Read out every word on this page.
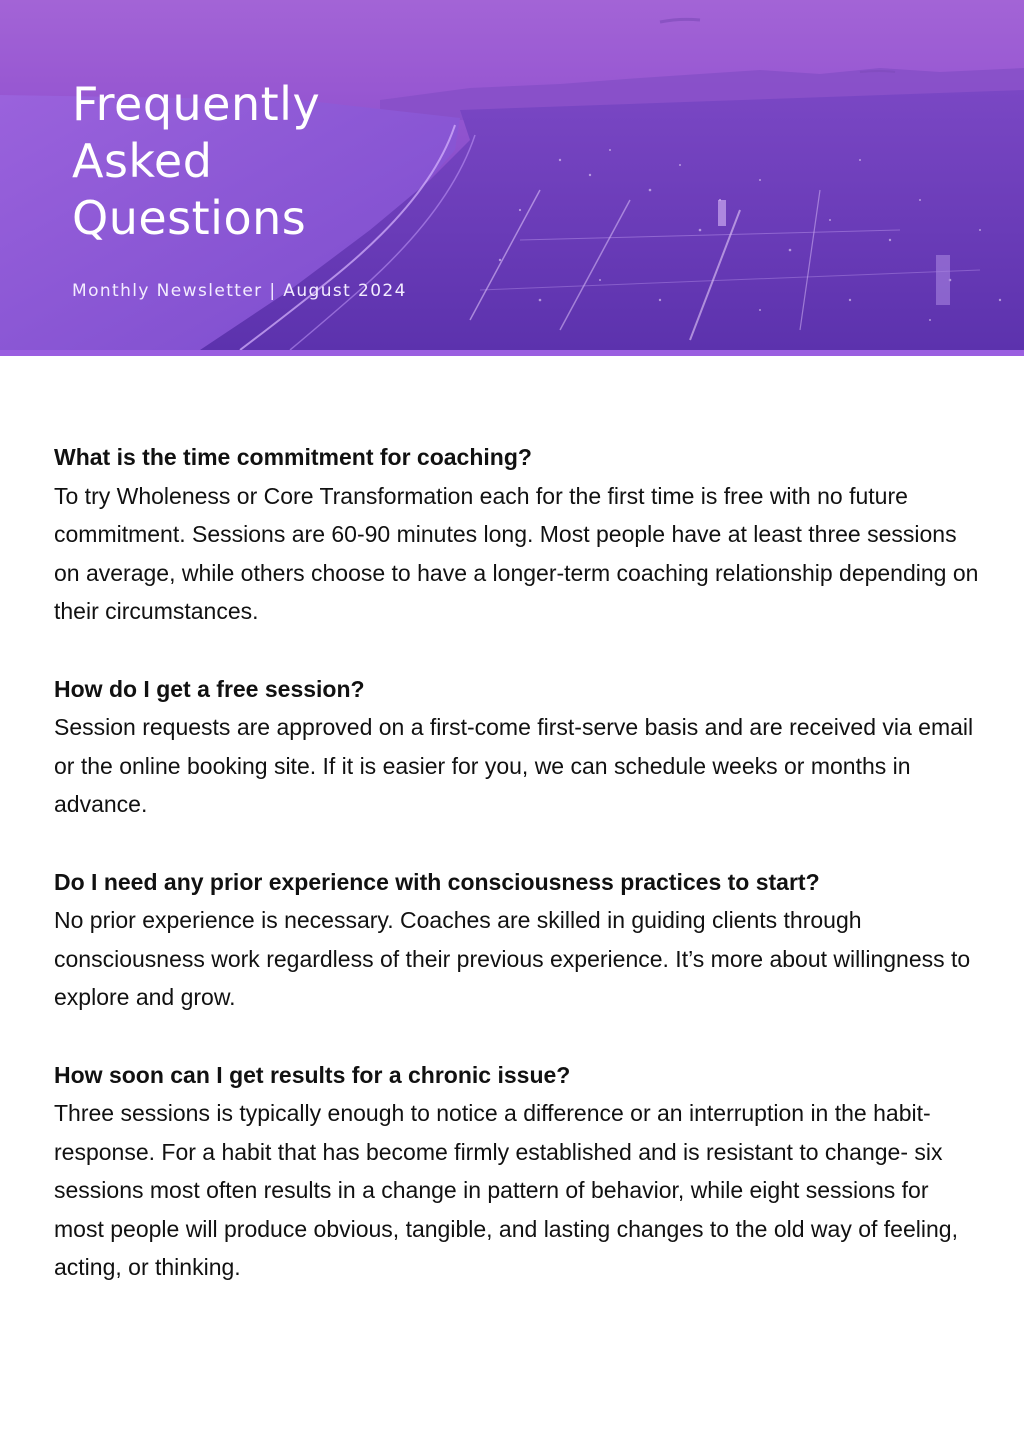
Frequently
Asked
Questions

Monthly Newsletter | August 2024

What is the time commitment for coaching?

To try Wholeness or Core Transformation each for the first time is free with no future commitment. Sessions are 60-90 minutes long. Most people have at least three sessions on average, while others choose to have a longer-term coaching relationship depending on their circumstances.

How do I get a free session?

Session requests are approved on a first-come first-serve basis and are received via email or the online booking site. If it is easier for you, we can schedule weeks or months in advance.

Do I need any prior experience with consciousness practices to start?

No prior experience is necessary. Coaches are skilled in guiding clients through consciousness work regardless of their previous experience. It’s more about willingness to explore and grow.

How soon can I get results for a chronic issue?

Three sessions is typically enough to notice a difference or an interruption in the habit-response. For a habit that has become firmly established and is resistant to change- six sessions most often results in a change in pattern of behavior, while eight sessions for most people will produce obvious, tangible, and lasting changes to the old way of feeling, acting, or thinking.
